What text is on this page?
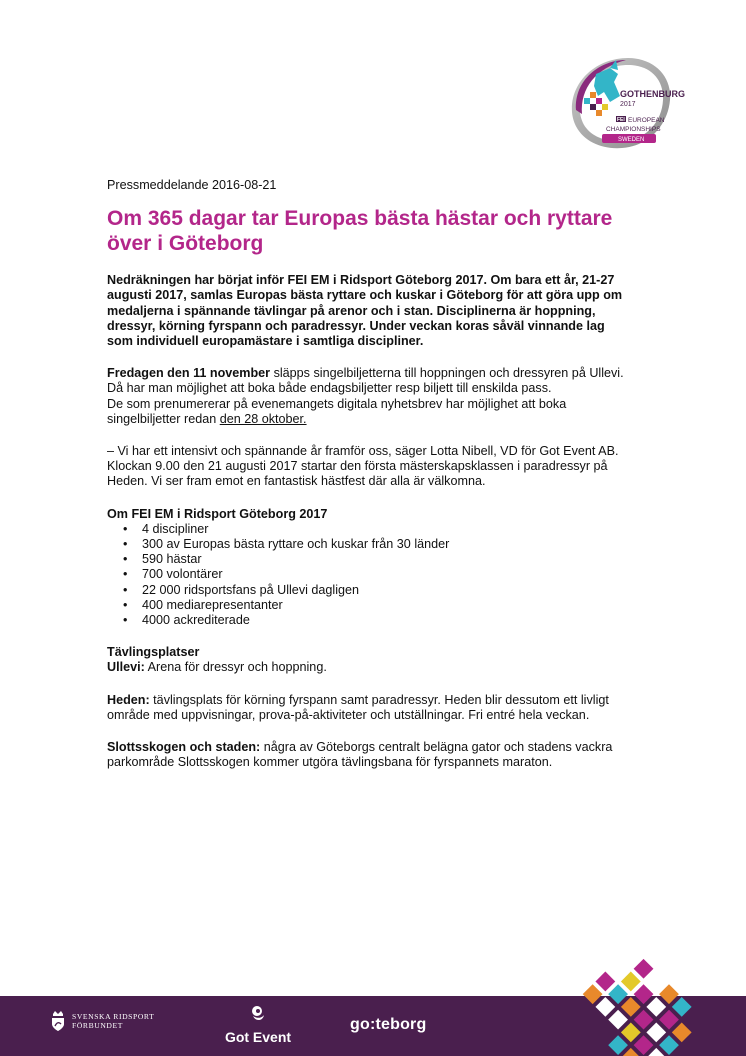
GOTHENBURG
2017
FEI EUROPEAN
CHAMPIONSHIPS
SWEDEN

Pressmeddelande 2016-08-21

Om 365 dagar tar Europas bästa hästar och ryttare över i Göteborg

Nedräkningen har börjat inför FEI EM i Ridsport Göteborg 2017. Om bara ett år, 21-27 augusti 2017, samlas Europas bästa ryttare och kuskar i Göteborg för att göra upp om medaljerna i spännande tävlingar på arenor och i stan. Disciplinerna är hoppning, dressyr, körning fyrspann och paradressyr. Under veckan koras såväl vinnande lag som individuell europamästare i samtliga discipliner.

Fredagen den 11 november släpps singelbiljetterna till hoppningen och dressyren på Ullevi. Då har man möjlighet att boka både endagsbiljetter resp biljett till enskilda pass.

De som prenumererar på evenemangets digitala nyhetsbrev har möjlighet att boka singelbiljetter redan den 28 oktober.

– Vi har ett intensivt och spännande år framför oss, säger Lotta Nibell, VD för Got Event AB. Klockan 9.00 den 21 augusti 2017 startar den första mästerskapsklassen i paradressyr på Heden. Vi ser fram emot en fantastisk hästfest där alla är välkomna.

Om FEI EM i Ridsport Göteborg 2017

• 4 discipliner
• 300 av Europas bästa ryttare och kuskar från 30 länder
• 590 hästar
• 700 volontärer
• 22 000 ridsportsfans på Ullevi dagligen
• 400 mediarepresentanter
• 4000 ackrediterade

Tävlingsplatser

Ullevi: Arena för dressyr och hoppning.

Heden: tävlingsplats för körning fyrspann samt paradressyr. Heden blir dessutom ett livligt område med uppvisningar, prova-på-aktiviteter och utställningar. Fri entré hela veckan.

Slottsskogen och staden: några av Göteborgs centralt belägna gator och stadens vackra parkområde Slottsskogen kommer utgöra tävlingsbana för fyrspannets maraton.

SVENSKA RIDSPORT
FÖRBUNDET
Got Event
go:teborg
